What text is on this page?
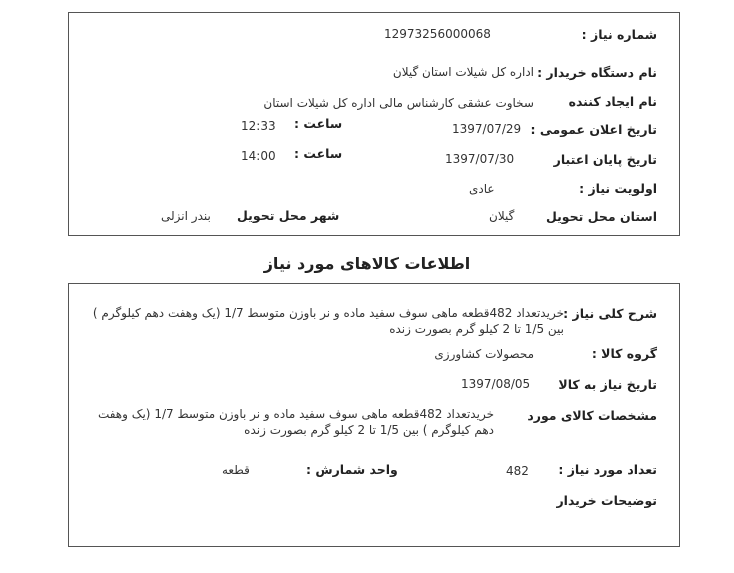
شماره نیاز :
12973256000068
نام دستگاه خریدار :
اداره کل شیلات استان گیلان
نام ایجاد کننده
سخاوت عشقی کارشناس مالی اداره کل شیلات استان
تاریخ اعلان عمومی :
1397/07/29
ساعت :
12:33
تاریخ پایان اعتبار
1397/07/30
ساعت :
14:00
اولویت نیاز :
عادی
استان محل تحویل
گیلان
شهر محل تحویل
بندر انزلی
اطلاعات کالاهای مورد نیاز
شرح کلی نیاز :
خریدتعداد 482قطعه ماهی سوف سفید ماده و نر باوزن متوسط 1/7 (یک وهفت دهم کیلوگرم ) بین 1/5 تا 2 کیلو گرم بصورت زنده
گروه کالا :
محصولات کشاورزی
تاریخ نیاز به کالا
1397/08/05
مشخصات کالای مورد
خریدتعداد 482قطعه ماهی سوف سفید ماده و نر باوزن متوسط 1/7 (یک وهفت دهم کیلوگرم ) بین 1/5 تا 2 کیلو گرم بصورت زنده
تعداد مورد نیاز :
482
واحد شمارش :
قطعه
توضیحات خریدار
